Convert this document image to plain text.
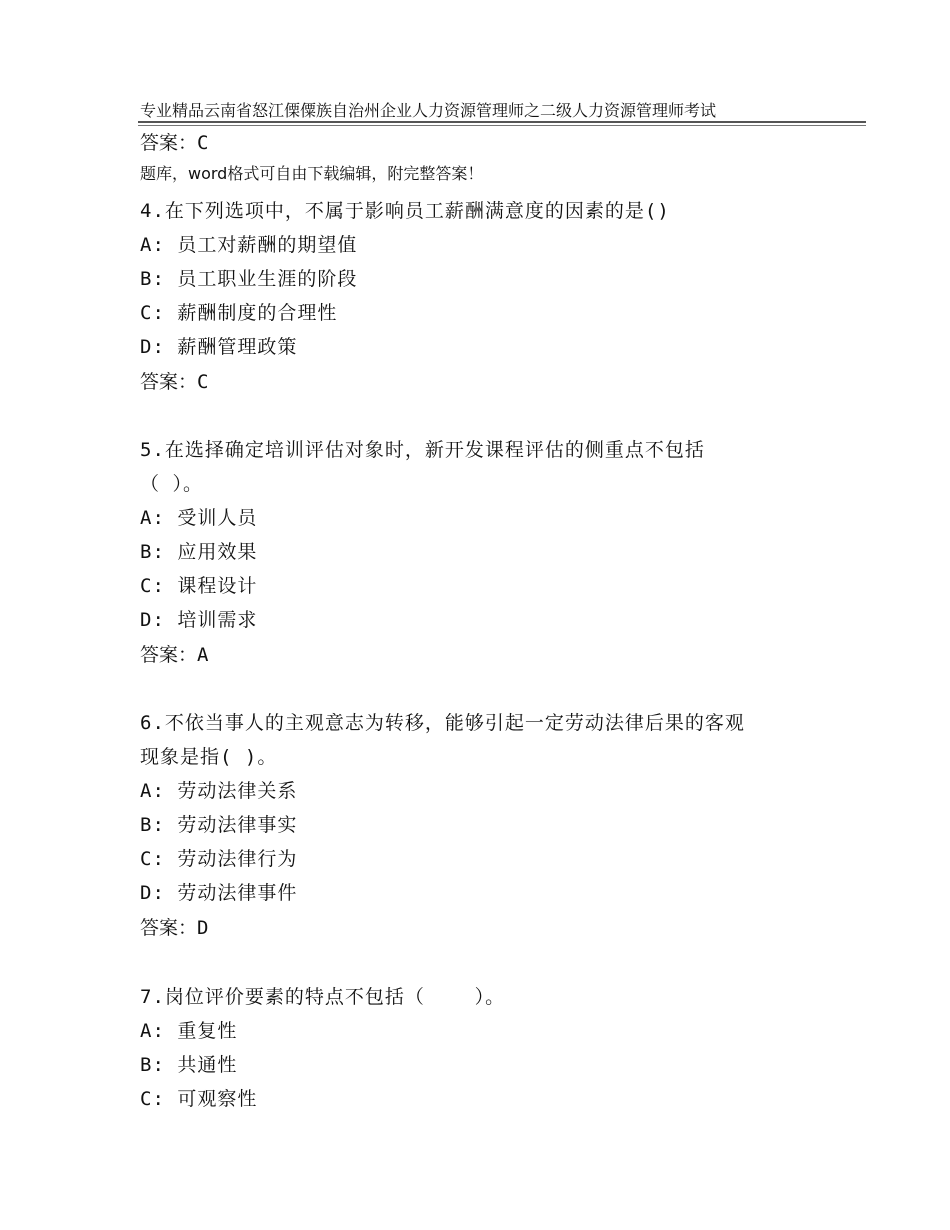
专业精品云南省怒江傈僳族自治州企业人力资源管理师之二级人力资源管理师考试

题库，word格式可自由下载编辑，附完整答案！

答案：C
4.在下列选项中，不属于影响员工薪酬满意度的因素的是()
A: 员工对薪酬的期望值
B: 员工职业生涯的阶段
C: 薪酬制度的合理性
D: 薪酬管理政策
答案：C
5.在选择确定培训评估对象时，新开发课程评估的侧重点不包括
（ ）。
A: 受训人员
B: 应用效果
C: 课程设计
D: 培训需求
答案：A
6.不依当事人的主观意志为转移，能够引起一定劳动法律后果的客观
现象是指( )。
A: 劳动法律关系
B: 劳动法律事实
C: 劳动法律行为
D: 劳动法律事件
答案：D
7.岗位评价要素的特点不包括（    ）。
A: 重复性
B: 共通性
C: 可观察性
